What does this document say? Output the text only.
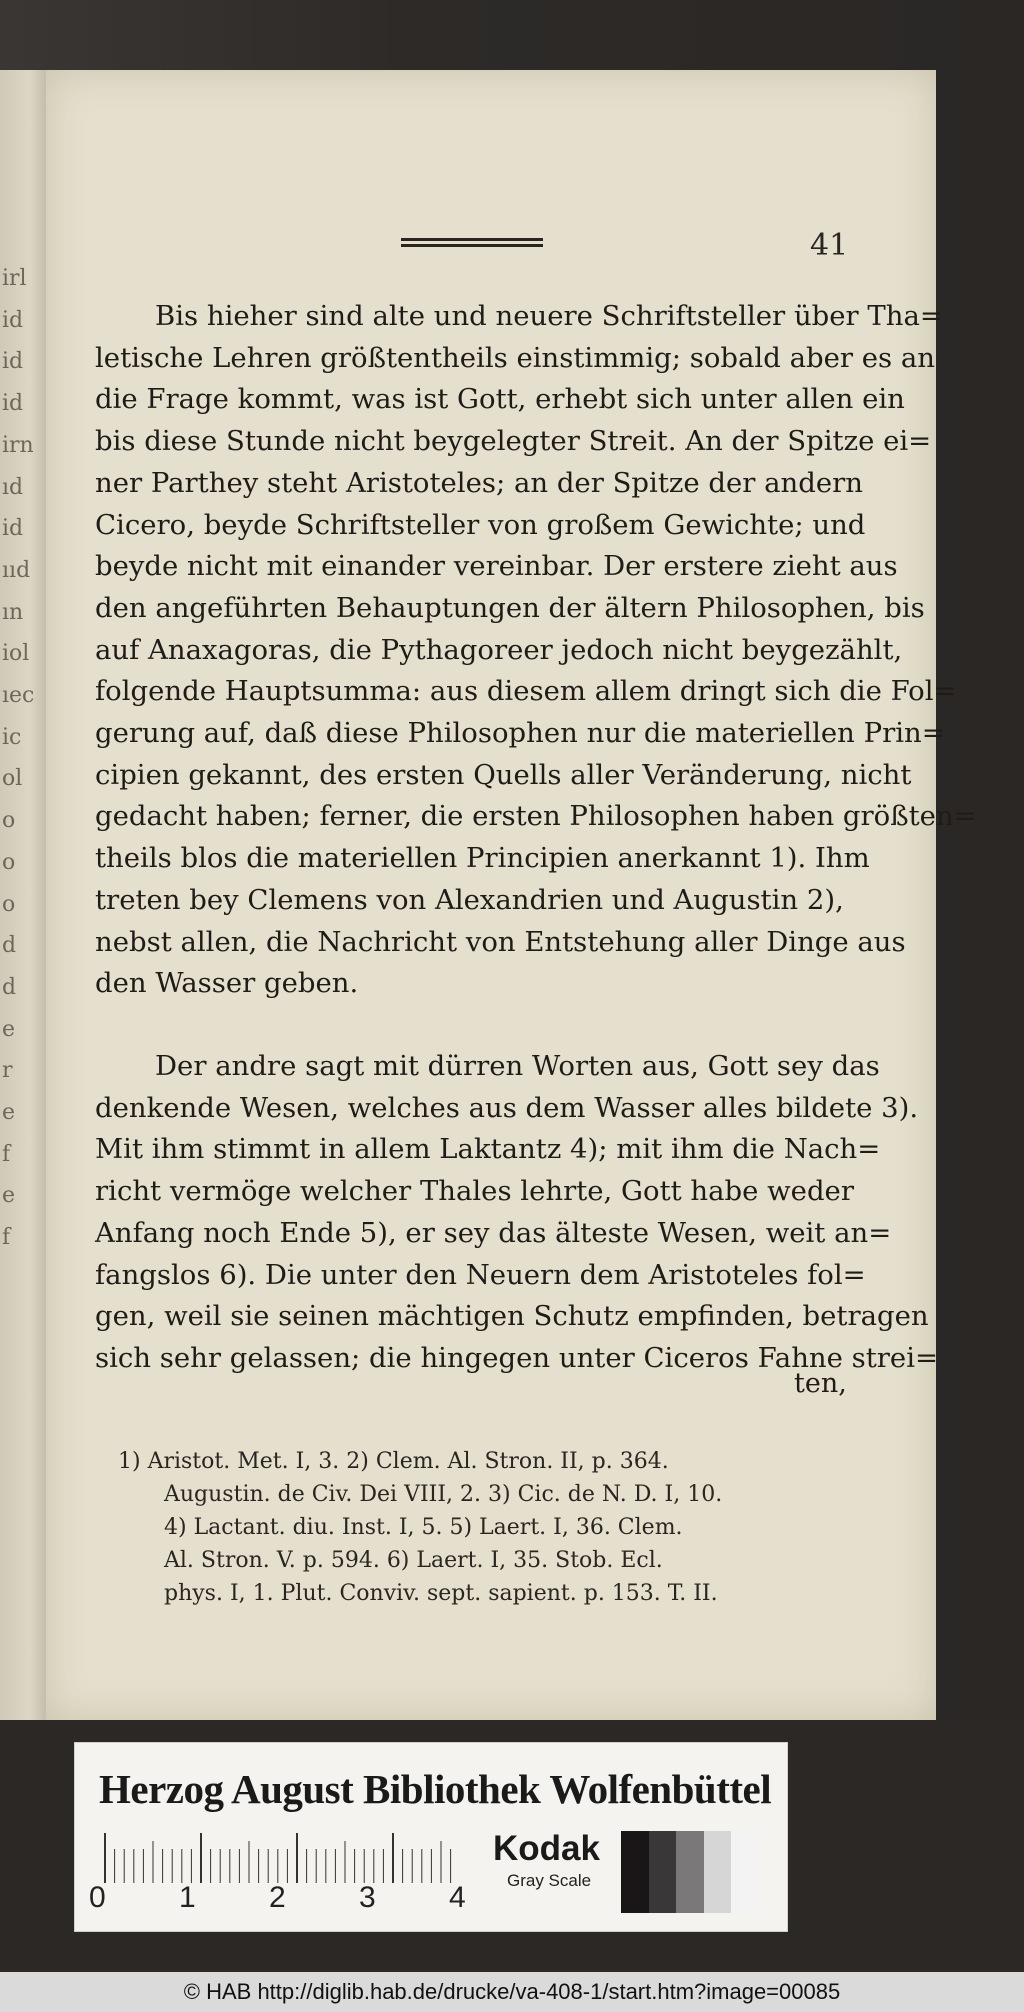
irl
id
id
id
irn
ıd
id
ııd
ın
iol
ıec
ic
ol
o
o
o
d
d
e
r
e
f
e
f
41
Bis hieher sind alte und neuere Schriftsteller über Tha=
letische Lehren größtentheils einstimmig; sobald aber es an
die Frage kommt, was ist Gott, erhebt sich unter allen ein
bis diese Stunde nicht beygelegter Streit. An der Spitze ei=
ner Parthey steht Aristoteles; an der Spitze der andern
Cicero, beyde Schriftsteller von großem Gewichte; und
beyde nicht mit einander vereinbar. Der erstere zieht aus
den angeführten Behauptungen der ältern Philosophen, bis
auf Anaxagoras, die Pythagoreer jedoch nicht beygezählt,
folgende Hauptsumma: aus diesem allem dringt sich die Fol=
gerung auf, daß diese Philosophen nur die materiellen Prin=
cipien gekannt, des ersten Quells aller Veränderung, nicht
gedacht haben; ferner, die ersten Philosophen haben größten=
theils blos die materiellen Principien anerkannt 1). Ihm
treten bey Clemens von Alexandrien und Augustin 2),
nebst allen, die Nachricht von Entstehung aller Dinge aus
den Wasser geben.
Der andre sagt mit dürren Worten aus, Gott sey das
denkende Wesen, welches aus dem Wasser alles bildete 3).
Mit ihm stimmt in allem Laktantz 4); mit ihm die Nach=
richt vermöge welcher Thales lehrte, Gott habe weder
Anfang noch Ende 5), er sey das älteste Wesen, weit an=
fangslos 6). Die unter den Neuern dem Aristoteles fol=
gen, weil sie seinen mächtigen Schutz empfinden, betragen
sich sehr gelassen; die hingegen unter Ciceros Fahne strei=
ten,
1) Aristot. Met. I, 3. 2) Clem. Al. Stron. II, p. 364.
Augustin. de Civ. Dei VIII, 2. 3) Cic. de N. D. I, 10.
4) Lactant. diu. Inst. I, 5. 5) Laert. I, 36. Clem.
Al. Stron. V. p. 594. 6) Laert. I, 35. Stob. Ecl.
phys. I, 1. Plut. Conviv. sept. sapient. p. 153. T. II.
Herzog August Bibliothek Wolfenbüttel
0 1 2 3 4
Kodak
Gray Scale
© HAB http://diglib.hab.de/drucke/va-408-1/start.htm?image=00085
